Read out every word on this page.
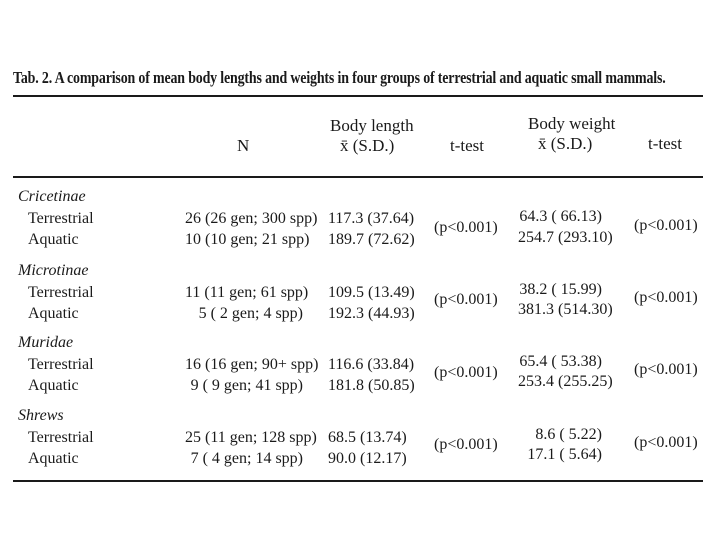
Tab. 2. A comparison of mean body lengths and weights in four groups of terrestrial and aquatic small mammals.
N
Body length
x̄ (S.D.)	t-test
Body weight
x̄ (S.D.)	t-test
Cricetinae
Terrestrial
Aquatic
26 (26 gen; 300 spp)
10 (10 gen; 21 spp)
117.3 (37.64)
189.7 (72.62)
(p<0.001)
64.3 ( 66.13)
254.7 (293.10)
(p<0.001)
Microtinae
Terrestrial
Aquatic
11 (11 gen; 61 spp)
5 ( 2 gen; 4 spp)
109.5 (13.49)
192.3 (44.93)
(p<0.001)
38.2 ( 15.99)
381.3 (514.30)
(p<0.001)
Muridae
Terrestrial
Aquatic
16 (16 gen; 90+ spp)
9 ( 9 gen; 41 spp)
116.6 (33.84)
181.8 (50.85)
(p<0.001)
65.4 ( 53.38)
253.4 (255.25)
(p<0.001)
Shrews
Terrestrial
Aquatic
25 (11 gen; 128 spp)
7 ( 4 gen; 14 spp)
68.5 (13.74)
90.0 (12.17)
(p<0.001)
8.6 ( 5.22)
17.1 ( 5.64)
(p<0.001)
